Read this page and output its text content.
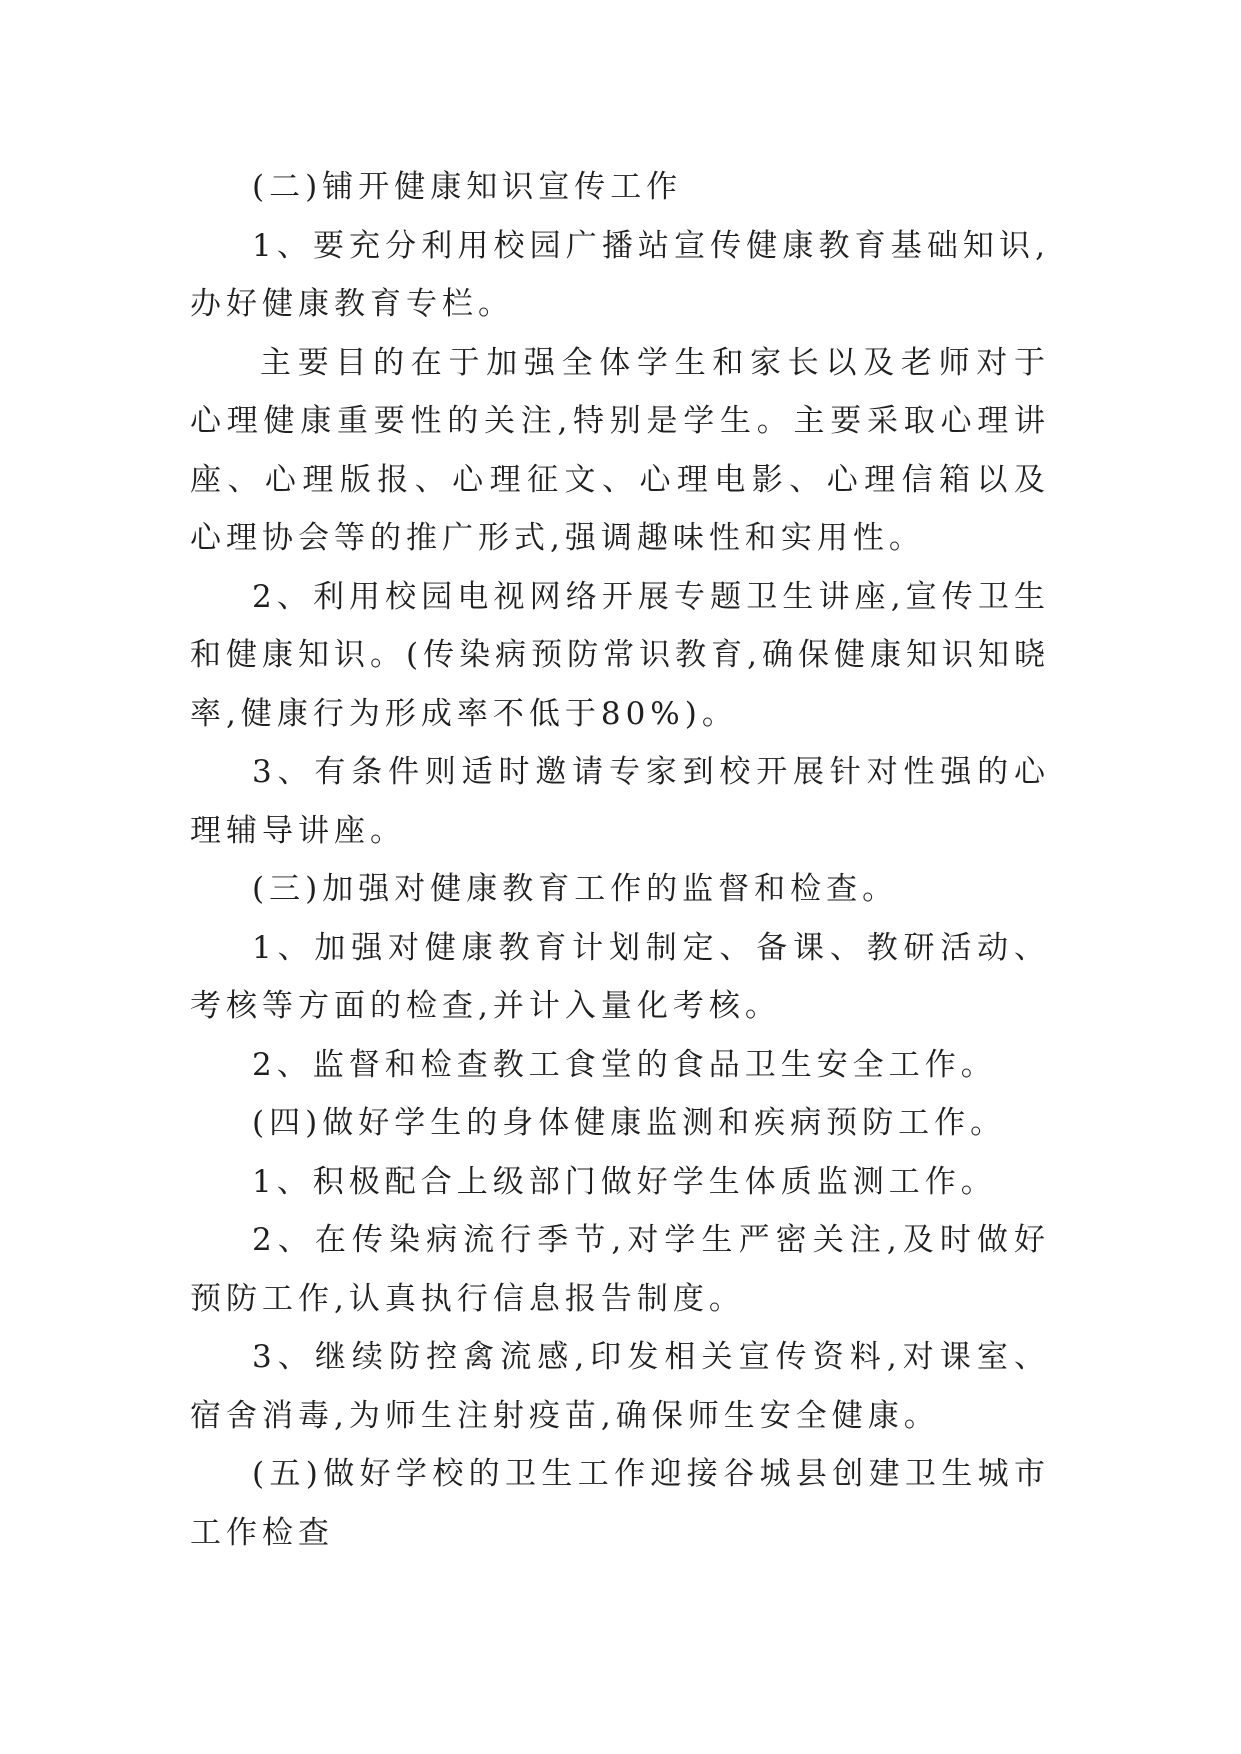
(二)铺开健康知识宣传工作

1、要充分利用校园广播站宣传健康教育基础知识,办好健康教育专栏。

主要目的在于加强全体学生和家长以及老师对于心理健康重要性的关注,特别是学生。主要采取心理讲座、心理版报、心理征文、心理电影、心理信箱以及心理协会等的推广形式,强调趣味性和实用性。

2、利用校园电视网络开展专题卫生讲座,宣传卫生和健康知识。(传染病预防常识教育,确保健康知识知晓率,健康行为形成率不低于80%)。

3、有条件则适时邀请专家到校开展针对性强的心理辅导讲座。

(三)加强对健康教育工作的监督和检查。

1、加强对健康教育计划制定、备课、教研活动、考核等方面的检查,并计入量化考核。

2、监督和检查教工食堂的食品卫生安全工作。

(四)做好学生的身体健康监测和疾病预防工作。

1、积极配合上级部门做好学生体质监测工作。

2、在传染病流行季节,对学生严密关注,及时做好预防工作,认真执行信息报告制度。

3、继续防控禽流感,印发相关宣传资料,对课室、宿舍消毒,为师生注射疫苗,确保师生安全健康。

(五)做好学校的卫生工作迎接谷城县创建卫生城市工作检查
